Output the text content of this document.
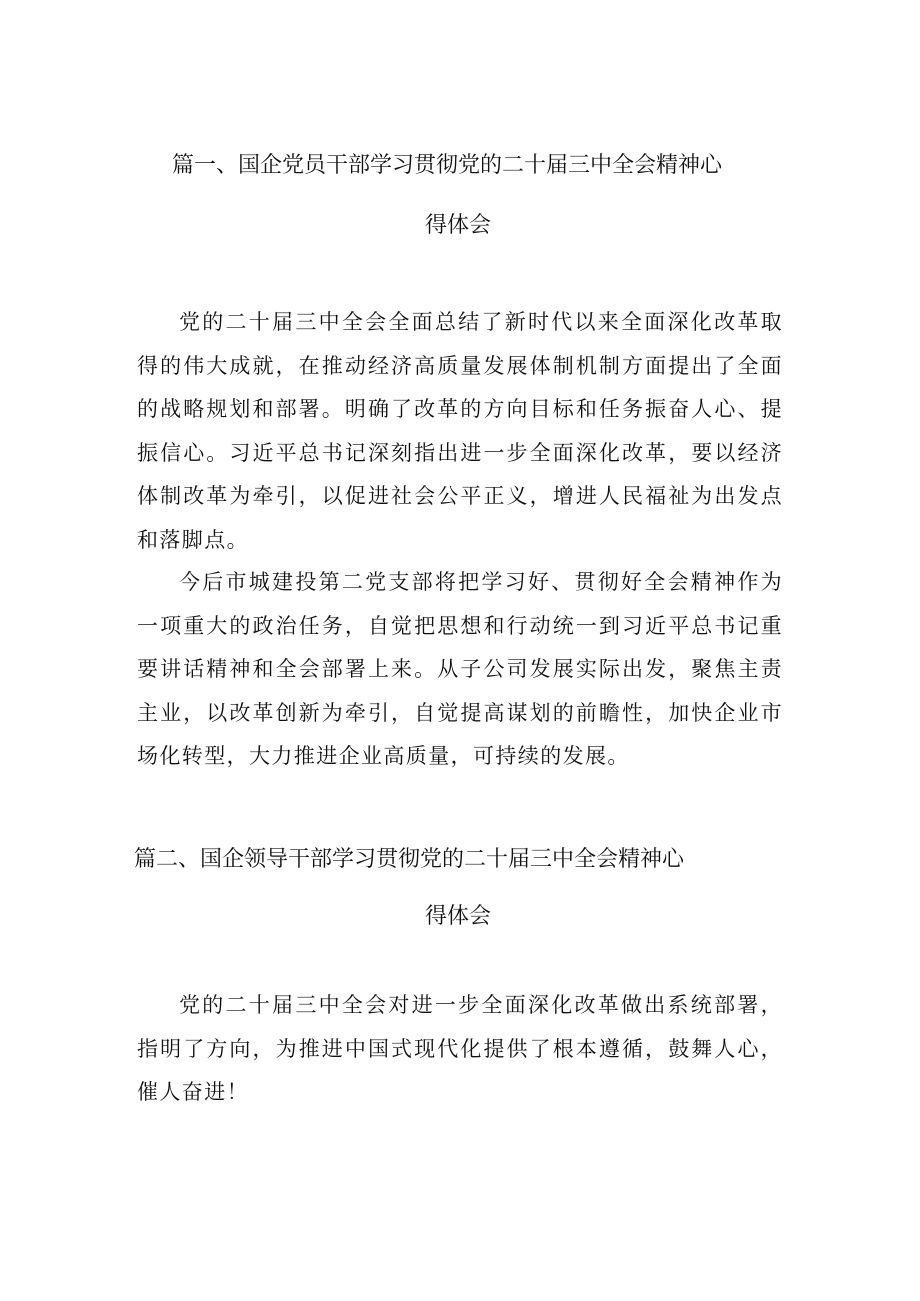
篇一、国企党员干部学习贯彻党的二十届三中全会精神心
得体会

党的二十届三中全会全面总结了新时代以来全面深化改革取得的伟大成就，在推动经济高质量发展体制机制方面提出了全面的战略规划和部署。明确了改革的方向目标和任务振奋人心、提振信心。习近平总书记深刻指出进一步全面深化改革，要以经济体制改革为牵引，以促进社会公平正义，增进人民福祉为出发点和落脚点。

今后市城建投第二党支部将把学习好、贯彻好全会精神作为一项重大的政治任务，自觉把思想和行动统一到习近平总书记重要讲话精神和全会部署上来。从子公司发展实际出发，聚焦主责主业，以改革创新为牵引，自觉提高谋划的前瞻性，加快企业市场化转型，大力推进企业高质量，可持续的发展。

篇二、国企领导干部学习贯彻党的二十届三中全会精神心
得体会

党的二十届三中全会对进一步全面深化改革做出系统部署，指明了方向，为推进中国式现代化提供了根本遵循，鼓舞人心，催人奋进！
